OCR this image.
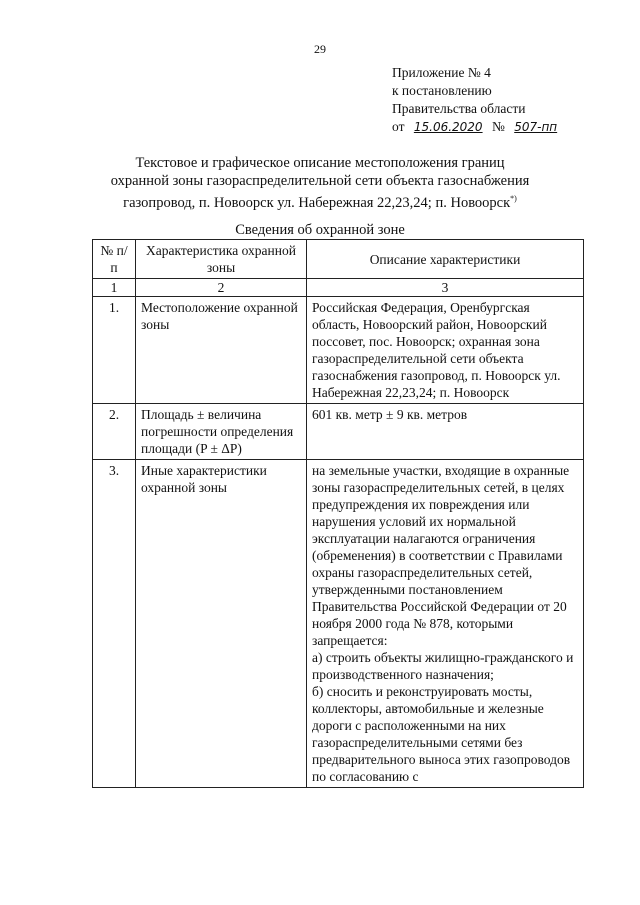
29
Приложение № 4
к постановлению
Правительства области
от 15.06.2020 № 507-пп
Текстовое и графическое описание местоположения границ
охранной зоны газораспределительной сети объекта газоснабжения
газопровод, п. Новоорск ул. Набережная 22,23,24; п. Новоорск*)
Сведения об охранной зоне
№ п/п	Характеристика охранной зоны	Описание характеристики
1	2	3
1.	Местоположение охранной зоны	Российская Федерация, Оренбургская область, Новоорский район, Новоорский поссовет, пос. Новоорск; охранная зона газораспределительной сети объекта газоснабжения газопровод, п. Новоорск ул. Набережная 22,23,24; п. Новоорск
2.	Площадь ± величина погрешности определения площади (P ± ΔP)	601 кв. метр ± 9 кв. метров
3.	Иные характеристики охранной зоны	на земельные участки, входящие в охранные зоны газораспределительных сетей, в целях предупреждения их повреждения или нарушения условий их нормальной эксплуатации налагаются ограничения (обременения) в соответствии с Правилами охраны газораспределительных сетей, утвержденными постановлением Правительства Российской Федерации от 20 ноября 2000 года № 878, которыми запрещается:
а) строить объекты жилищно-гражданского и производственного назначения;
б) сносить и реконструировать мосты, коллекторы, автомобильные и железные дороги с расположенными на них газораспределительными сетями без предварительного выноса этих газопроводов по согласованию с
